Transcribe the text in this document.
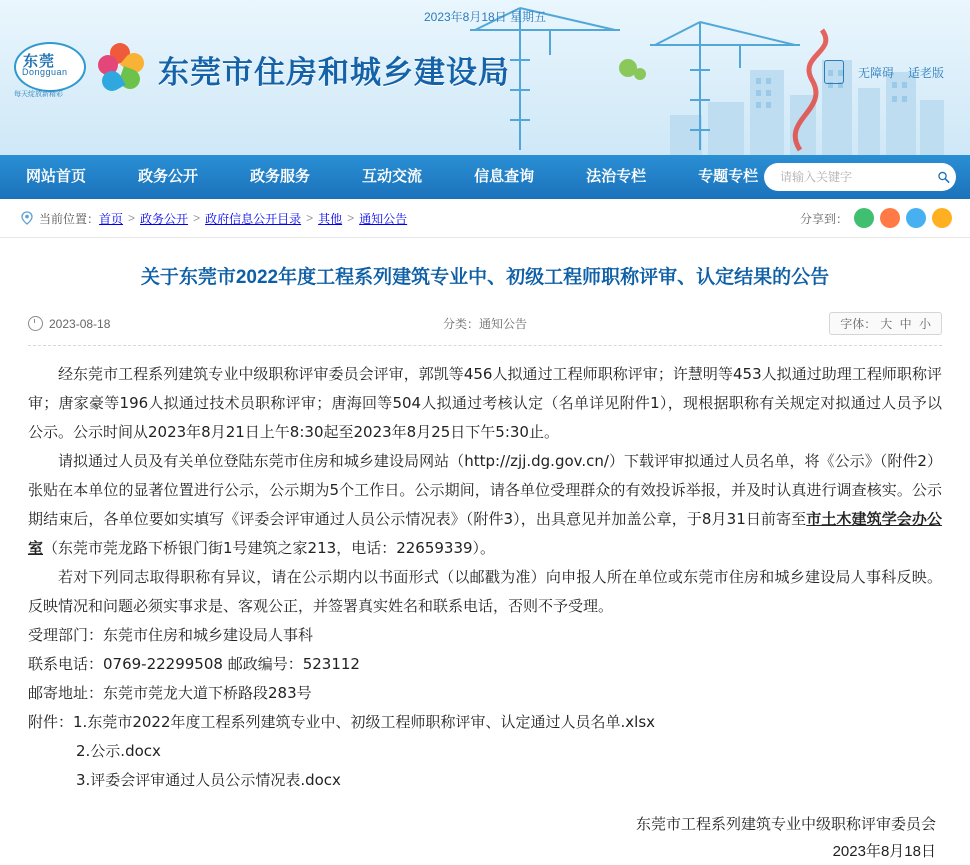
2023年8月18日 星期五
东莞
Dongguan
每天绽放新精彩
东莞市住房和城乡建设局	无障碍 适老版
网站首页	政务公开	政务服务	互动交流	信息查询	法治专栏	专题专栏
请输入关键字
当前位置： 首页 > 政务公开 > 政府信息公开目录 > 其他 > 通知公告	分享到：
关于东莞市2022年度工程系列建筑专业中、初级工程师职称评审、认定结果的公告
2023-08-18	分类：通知公告	字体： 大 中 小

经东莞市工程系列建筑专业中级职称评审委员会评审，郭凯等456人拟通过工程师职称评审；许慧明等453人拟通过助理工程师职称评审；唐家豪等196人拟通过技术员职称评审；唐海回等504人拟通过考核认定（名单详见附件1），现根据职称有关规定对拟通过人员予以公示。公示时间从2023年8月21日上午8:30起至2023年8月25日下午5:30止。

请拟通过人员及有关单位登陆东莞市住房和城乡建设局网站（http://zjj.dg.gov.cn/）下载评审拟通过人员名单，将《公示》（附件2）张贴在本单位的显著位置进行公示，公示期为5个工作日。公示期间，请各单位受理群众的有效投诉举报，并及时认真进行调查核实。公示期结束后，各单位要如实填写《评委会评审通过人员公示情况表》（附件3），出具意见并加盖公章，于8月31日前寄至市土木建筑学会办公室（东莞市莞龙路下桥银门街1号建筑之家213，电话：22659339）。

若对下列同志取得职称有异议，请在公示期内以书面形式（以邮戳为准）向申报人所在单位或东莞市住房和城乡建设局人事科反映。反映情况和问题必须实事求是、客观公正，并签署真实姓名和联系电话，否则不予受理。

受理部门：东莞市住房和城乡建设局人事科

联系电话：0769-22299508 邮政编号：523112

邮寄地址：东莞市莞龙大道下桥路段283号

附件：1.东莞市2022年度工程系列建筑专业中、初级工程师职称评审、认定通过人员名单.xlsx

2.公示.docx

3.评委会评审通过人员公示情况表.docx

东莞市工程系列建筑专业中级职称评审委员会
2023年8月18日
